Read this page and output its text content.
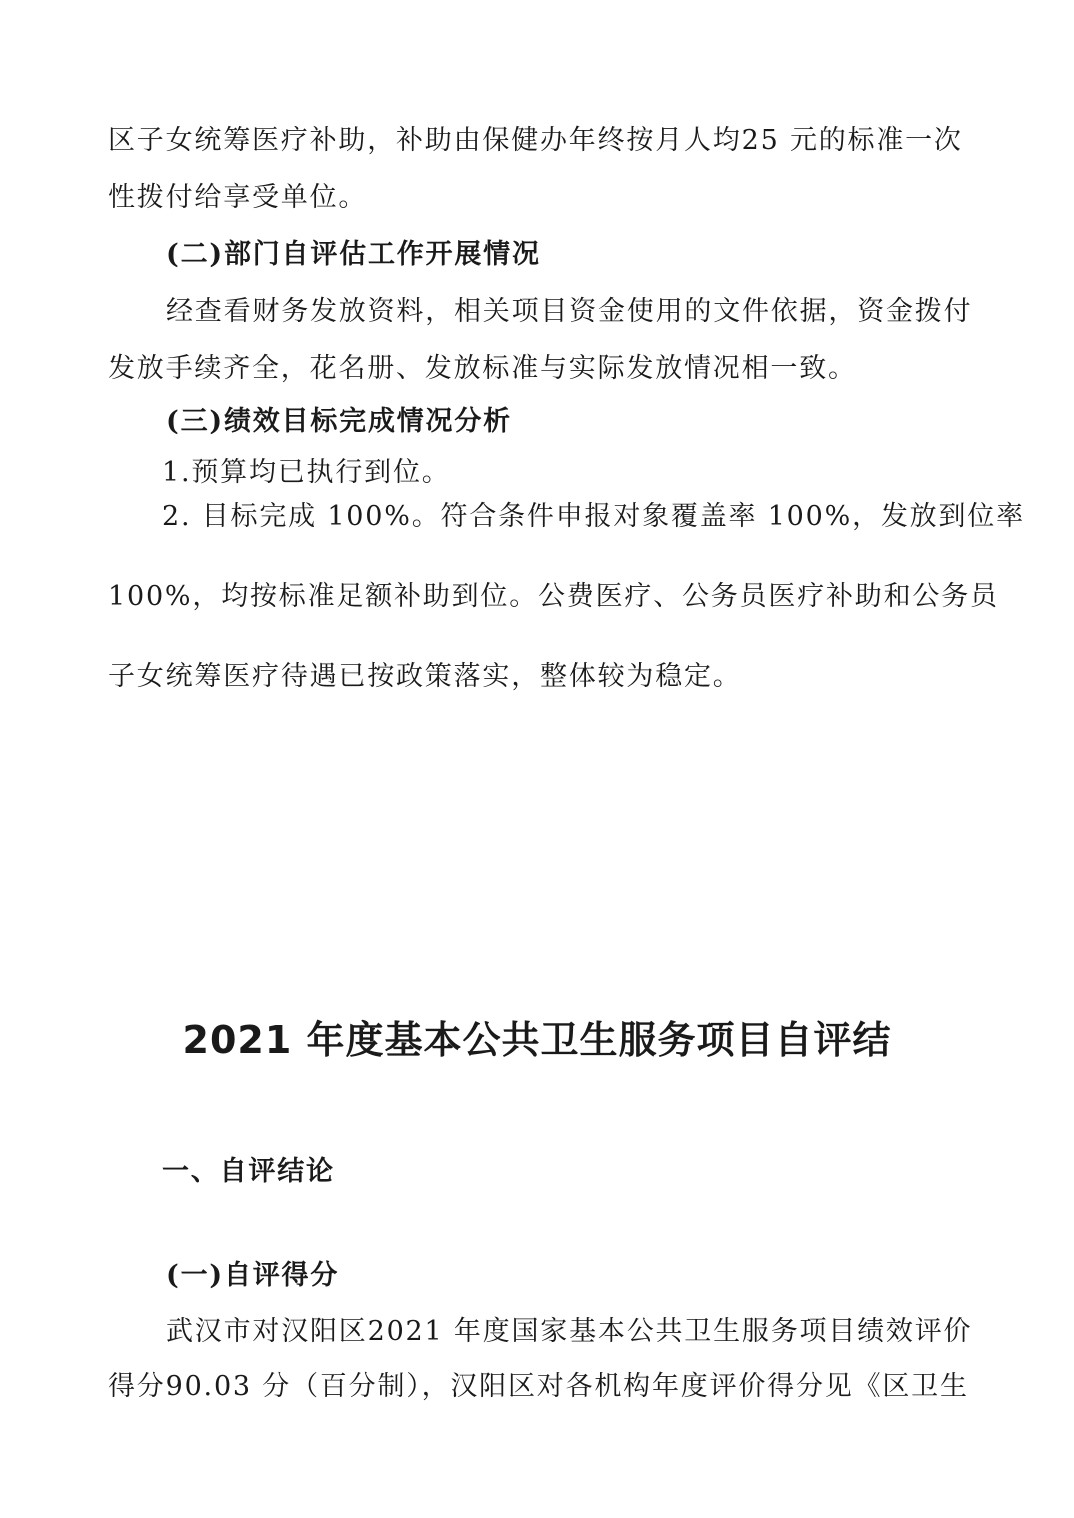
区子女统筹医疗补助，补助由保健办年终按月人均25 元的标准一次
性拨付给享受单位。
(二)部门自评估工作开展情况
经查看财务发放资料，相关项目资金使用的文件依据，资金拨付
发放手续齐全，花名册、发放标准与实际发放情况相一致。
(三)绩效目标完成情况分析
1.预算均已执行到位。
2. 目标完成 100%。符合条件申报对象覆盖率 100%，发放到位率
100%，均按标准足额补助到位。公费医疗、公务员医疗补助和公务员
子女统筹医疗待遇已按政策落实，整体较为稳定。
2021 年度基本公共卫生服务项目自评结
一、自评结论
(一)自评得分
武汉市对汉阳区2021 年度国家基本公共卫生服务项目绩效评价
得分90.03 分（百分制），汉阳区对各机构年度评价得分见《区卫生
